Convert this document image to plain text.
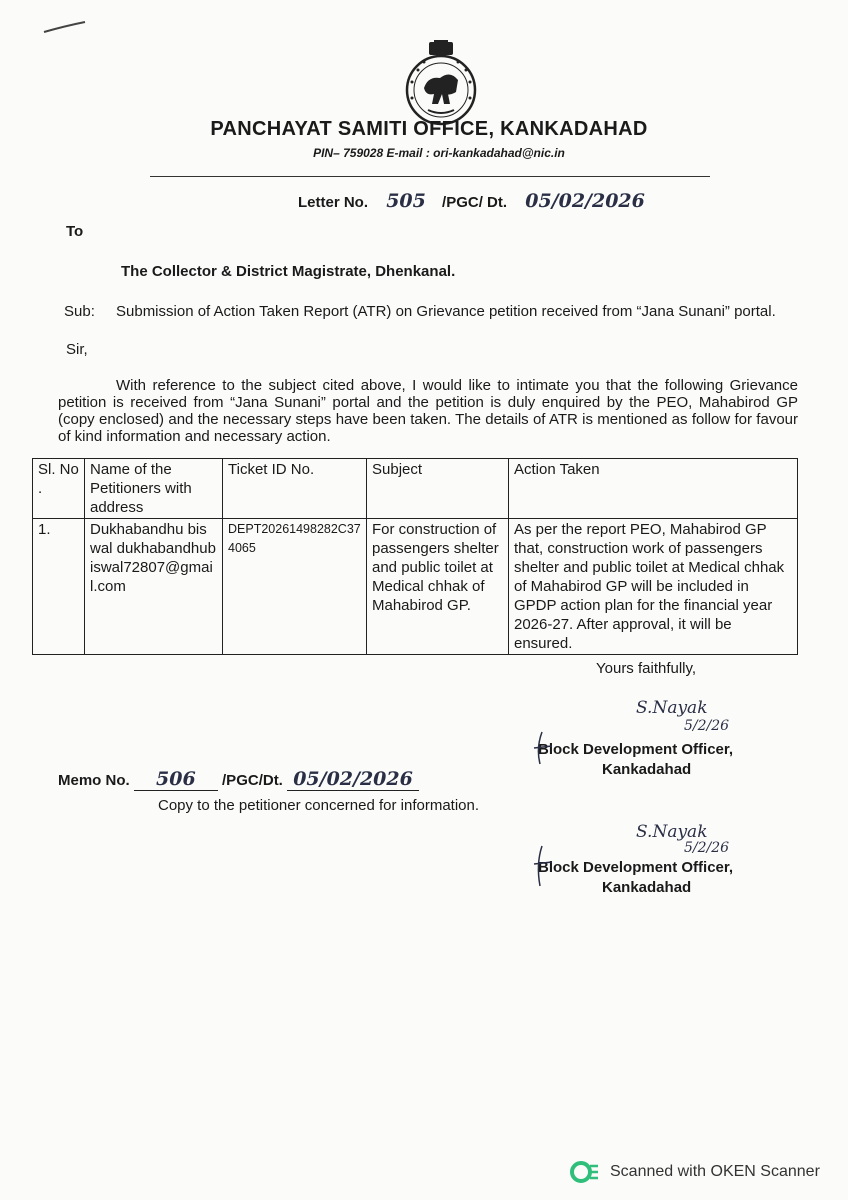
PANCHAYAT SAMITI OFFICE, KANKADAHAD
PIN– 759028 E-mail : ori-kankadahad@nic.in
Letter No. 505 /PGC/ Dt. 05/02/2026
To
The Collector & District Magistrate, Dhenkanal.
Sub: Submission of Action Taken Report (ATR) on Grievance petition received from “Jana Sunani” portal.
Sir,
With reference to the subject cited above, I would like to intimate you that the following Grievance petition is received from “Jana Sunani” portal and the petition is duly enquired by the PEO, Mahabirod GP (copy enclosed) and the necessary steps have been taken. The details of ATR is mentioned as follow for favour of kind information and necessary action.
Sl. No .	Name of the Petitioners with address	Ticket ID No.	Subject	Action Taken
1.	Dukhabandhu biswal dukhabandhubiswal72807@gmail.com	DEPT20261498282C374065	For construction of passengers shelter and public toilet at Medical chhak of Mahabirod GP.	As per the report PEO, Mahabirod GP that, construction work of passengers shelter and public toilet at Medical chhak of Mahabirod GP will be included in GPDP action plan for the financial year 2026-27. After approval, it will be ensured.
Yours faithfully,
S.Nayak
5/2/26
Block Development Officer,
Kankadahad
Memo No. 506 /PGC/Dt. 05/02/2026
Copy to the petitioner concerned for information.
S.Nayak
5/2/26
Block Development Officer,
Kankadahad
Scanned with OKEN Scanner
